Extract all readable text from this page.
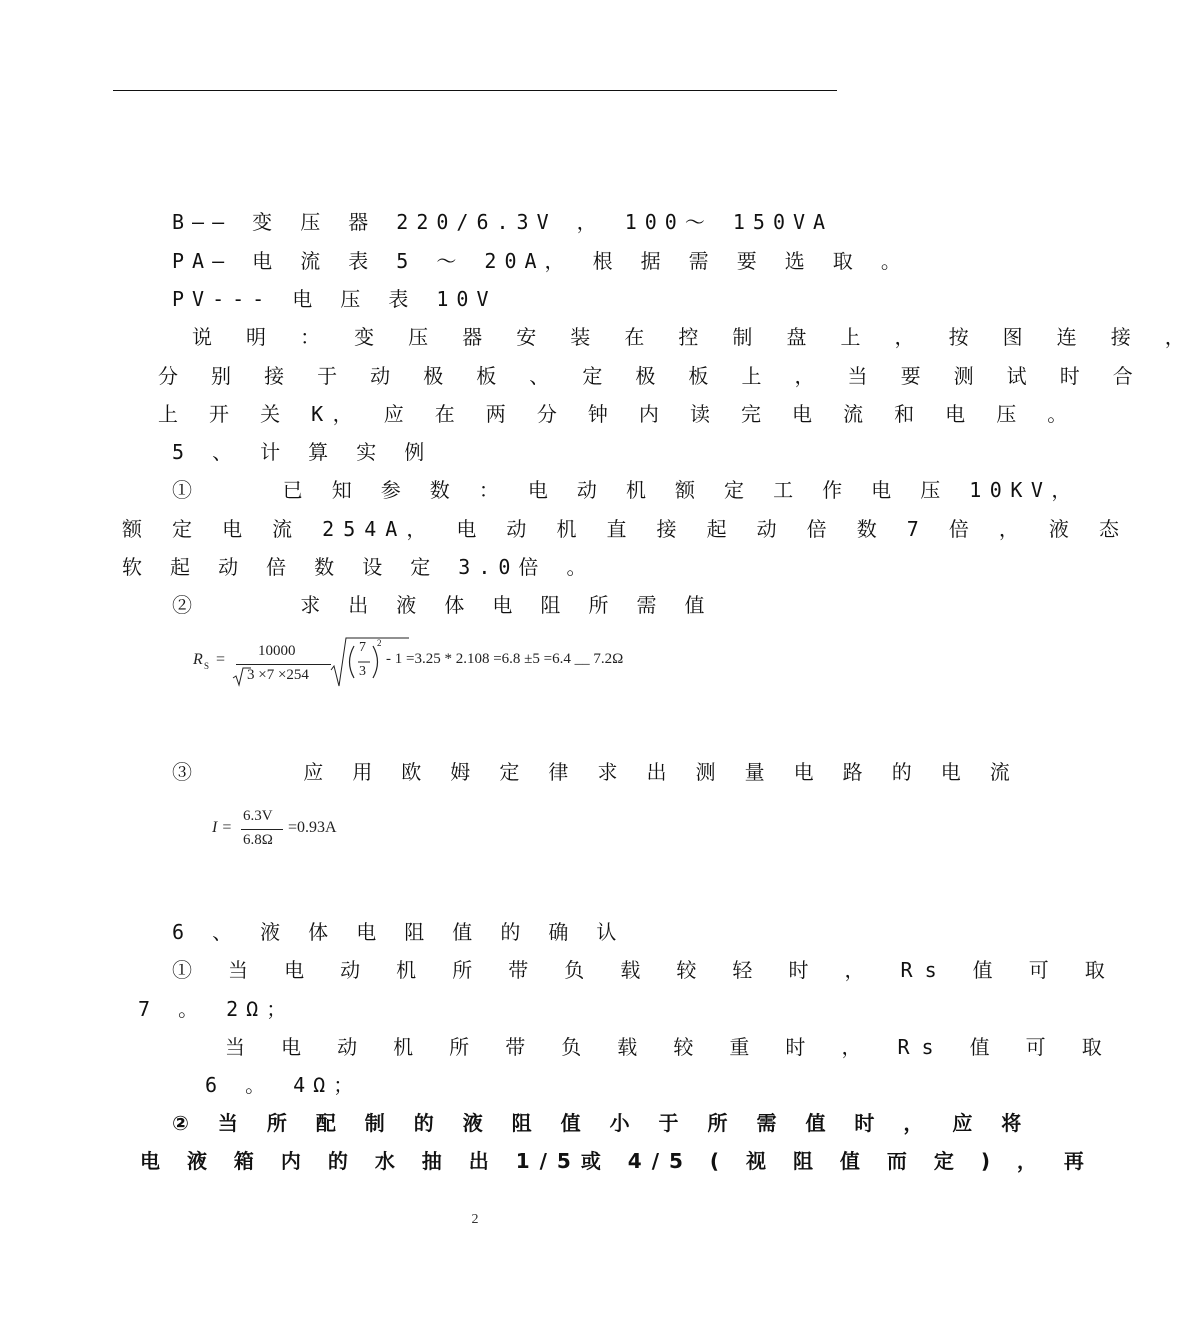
B—— 变 压 器 220/6.3V ， 100～ 150VA
PA— 电 流 表 5 ～ 20A， 根 据 需 要 选 取 。
PV--- 电 压 表 10V
说 明 ： 变 压 器 安 装 在 控 制 盘 上 ， 按 图 连 接 ，
分 别 接 于 动 极 板 、 定 极 板 上 ， 当 要 测 试 时 合
上 开 关 K， 应 在 两 分 钟 内 读 完 电 流 和 电 压 。
5 、 计 算 实 例
①    已 知 参 数 ： 电 动 机 额 定 工 作 电 压 10KV，
额 定 电 流 254A， 电 动 机 直 接 起 动 倍 数 7 倍 ， 液 态
软 起 动 倍 数 设 定 3.0倍 。
②     求 出 液 体 电 阻 所 需 值
R S = 10000
3 ×7 ×254
7
3
2
- 1 =3.25 * 2.108 =6.8 ±5 =6.4 __ 7.2Ω
③     应 用 欧 姆 定 律 求 出 测 量 电 路 的 电 流
I =
6.3V
6.8Ω
=0.93A
6 、 液 体 电 阻 值 的 确 认
① 当 电 动 机 所 带 负 载 较 轻 时 ， Rs 值 可 取
7 。 2Ω；
当 电 动 机 所 带 负 载 较 重 时 ， Rs 值 可 取
6 。 4Ω；
② 当 所 配 制 的 液 阻 值 小 于 所 需 值 时 ， 应 将
电 液 箱 内 的 水 抽 出 1/5或 4/5 ( 视 阻 值 而 定 ) ， 再
2
